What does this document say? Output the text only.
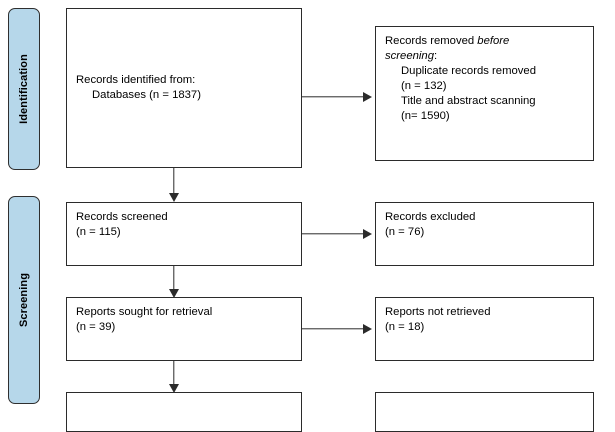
Identification
Screening
Records identified from:
Databases (n = 1837)
Records removed before
screening:
Duplicate records removed
(n = 132)
Title and abstract scanning
(n= 1590)
Records screened
(n = 115)
Records excluded
(n = 76)
Reports sought for retrieval
(n = 39)
Reports not retrieved
(n = 18)
